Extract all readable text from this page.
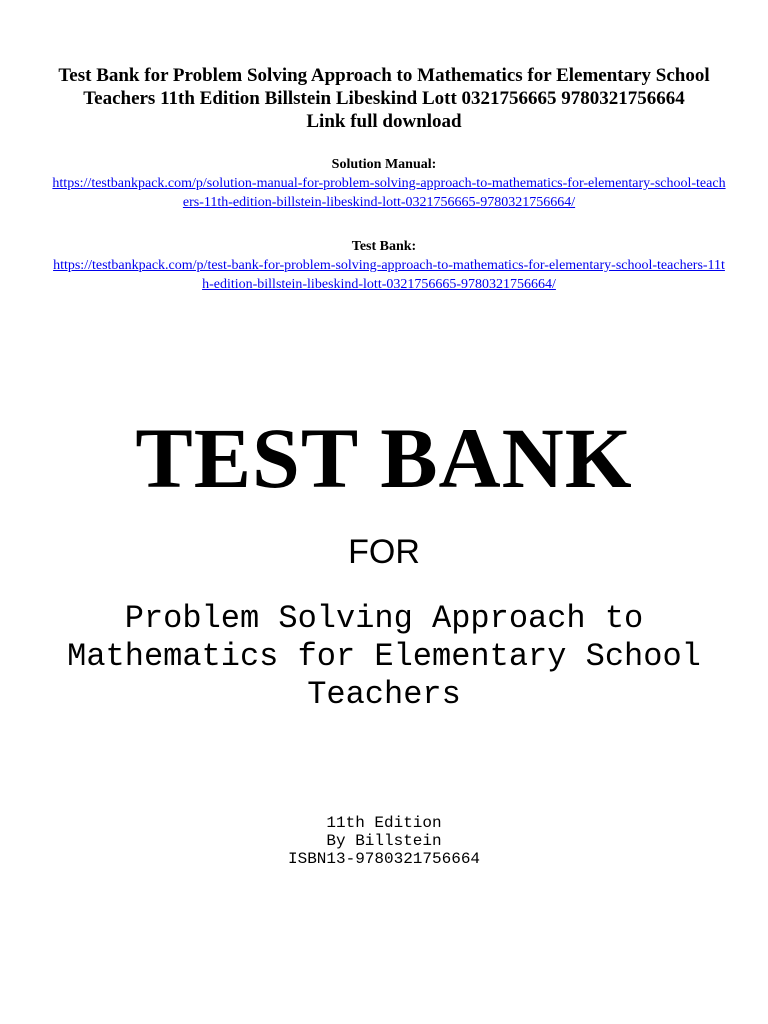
Test Bank for Problem Solving Approach to Mathematics for Elementary School Teachers 11th Edition Billstein Libeskind Lott 0321756665 9780321756664

Link full download

Solution Manual:

https://testbankpack.com/p/solution-manual-for-problem-solving-approach-to-mathematics-for-elementary-school-teachers-11th-edition-billstein-libeskind-lott-0321756665-9780321756664/

Test Bank:

https://testbankpack.com/p/test-bank-for-problem-solving-approach-to-mathematics-for-elementary-school-teachers-11th-edition-billstein-libeskind-lott-0321756665-9780321756664/
TEST BANK

FOR

Problem Solving Approach to Mathematics for Elementary School Teachers

11th Edition
By Billstein
ISBN13-9780321756664
